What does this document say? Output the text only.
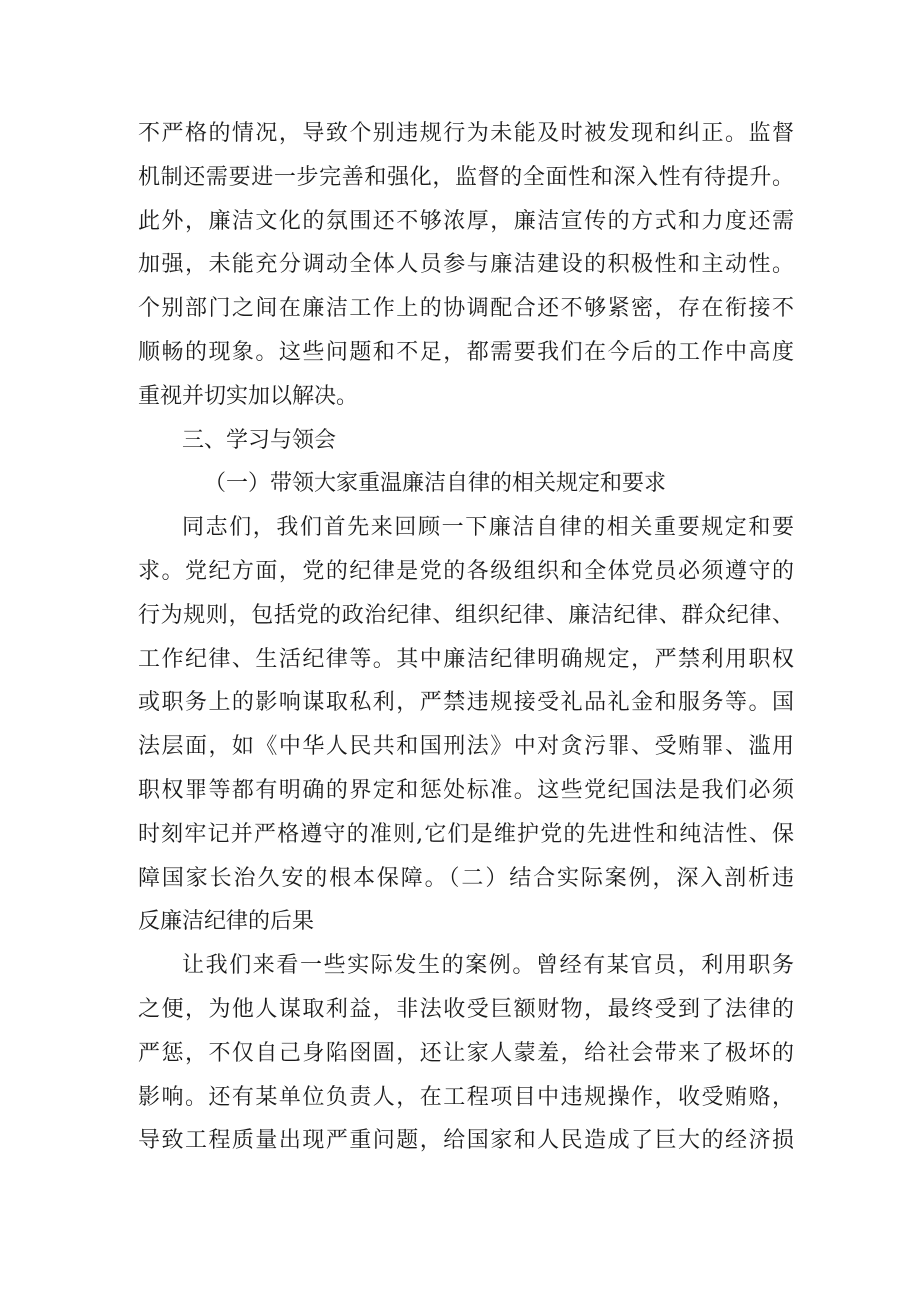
不严格的情况，导致个别违规行为未能及时被发现和纠正。监督
机制还需要进一步完善和强化，监督的全面性和深入性有待提升。
此外，廉洁文化的氛围还不够浓厚，廉洁宣传的方式和力度还需
加强，未能充分调动全体人员参与廉洁建设的积极性和主动性。
个别部门之间在廉洁工作上的协调配合还不够紧密，存在衔接不
顺畅的现象。这些问题和不足，都需要我们在今后的工作中高度
重视并切实加以解决。
三、学习与领会
（一）带领大家重温廉洁自律的相关规定和要求
同志们，我们首先来回顾一下廉洁自律的相关重要规定和要
求。党纪方面，党的纪律是党的各级组织和全体党员必须遵守的
行为规则，包括党的政治纪律、组织纪律、廉洁纪律、群众纪律、
工作纪律、生活纪律等。其中廉洁纪律明确规定，严禁利用职权
或职务上的影响谋取私利，严禁违规接受礼品礼金和服务等。国
法层面，如《中华人民共和国刑法》中对贪污罪、受贿罪、滥用
职权罪等都有明确的界定和惩处标准。这些党纪国法是我们必须
时刻牢记并严格遵守的准则,它们是维护党的先进性和纯洁性、保
障国家长治久安的根本保障。（二）结合实际案例，深入剖析违
反廉洁纪律的后果
让我们来看一些实际发生的案例。曾经有某官员，利用职务
之便，为他人谋取利益，非法收受巨额财物，最终受到了法律的
严惩，不仅自己身陷囹圄，还让家人蒙羞，给社会带来了极坏的
影响。还有某单位负责人，在工程项目中违规操作，收受贿赂，
导致工程质量出现严重问题，给国家和人民造成了巨大的经济损
